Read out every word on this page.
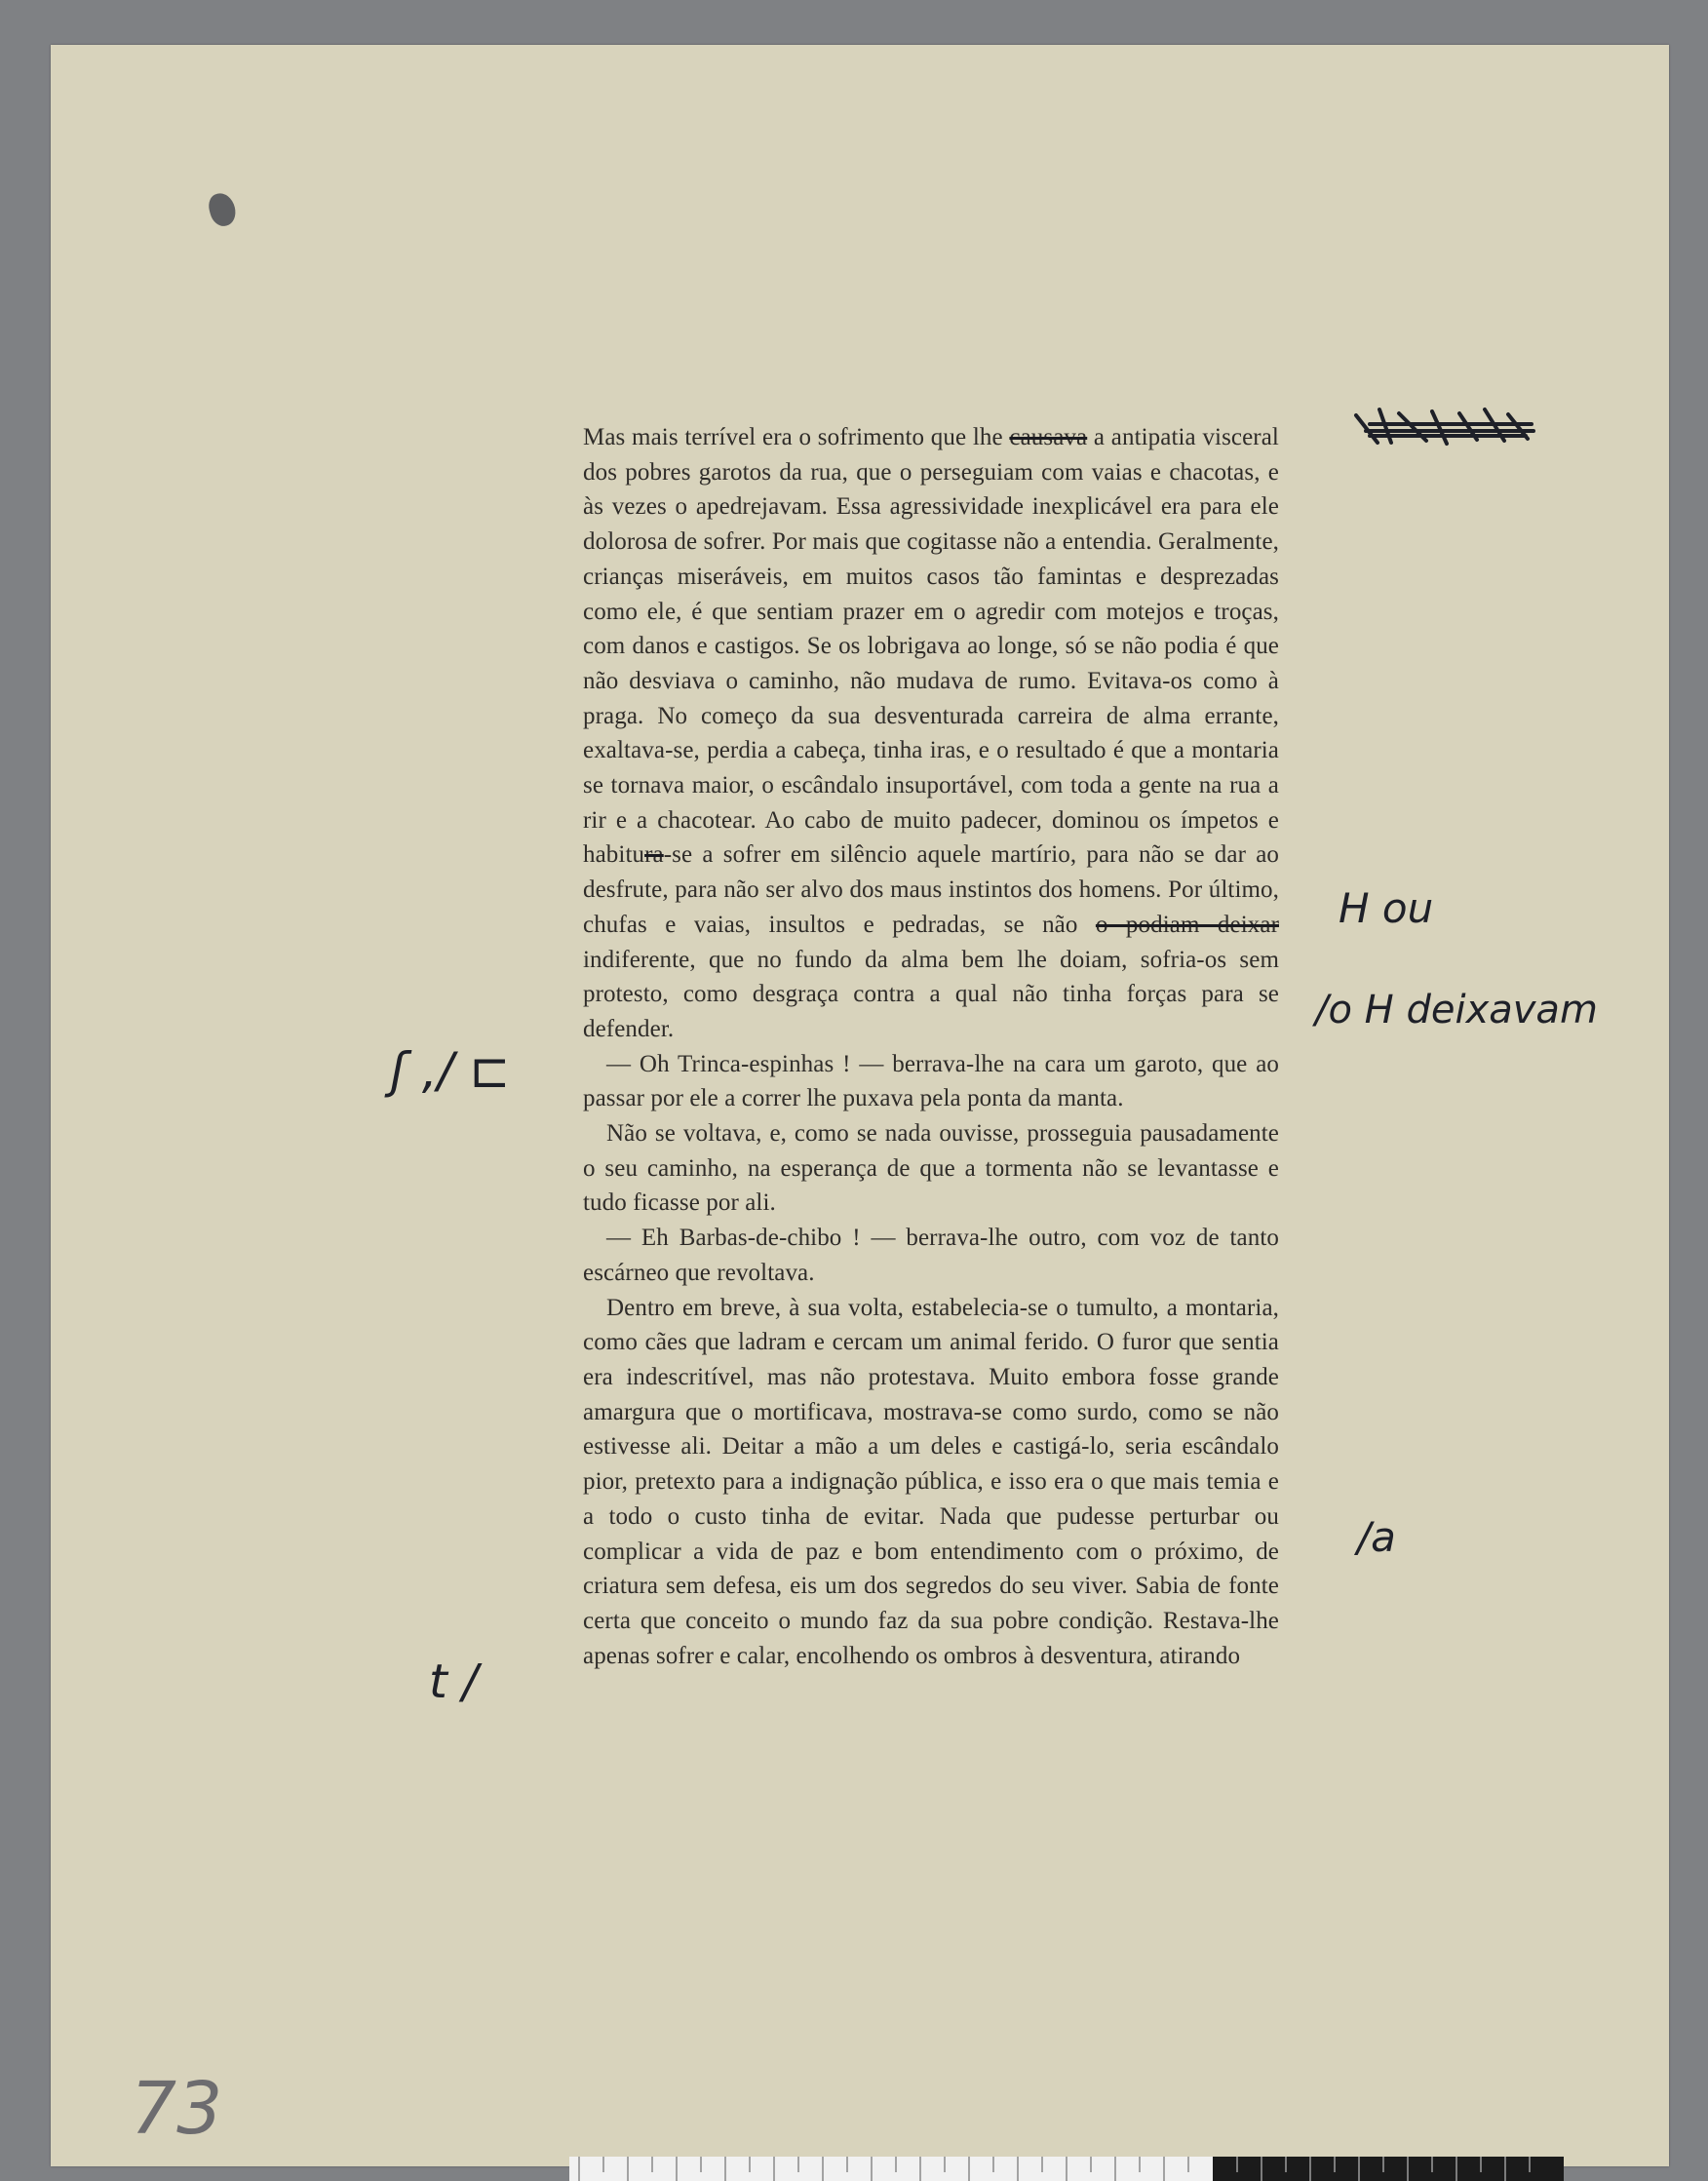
Mas mais terrível era o sofrimento que lhe causava a antipatia visceral dos pobres garotos da rua, que o perseguiam com vaias e chacotas, e às vezes o apedrejavam. Essa agressividade inexplicável era para ele dolorosa de sofrer. Por mais que cogitasse não a entendia. Geralmente, crianças miseráveis, em muitos casos tão famintas e desprezadas como ele, é que sentiam prazer em o agredir com motejos e troças, com danos e castigos. Se os lobrigava ao longe, só se não podia é que não desviava o caminho, não mudava de rumo. Evitava-os como à praga. No começo da sua desventurada carreira de alma errante, exaltava-se, perdia a cabeça, tinha iras, e o resultado é que a montaria se tornava maior, o escândalo insuportável, com toda a gente na rua a rir e a chacotear. Ao cabo de muito padecer, dominou os ímpetos e habitura-se a sofrer em silêncio aquele martírio, para não se dar ao desfrute, para não ser alvo dos maus instintos dos homens. Por último, chufas e vaias, insultos e pedradas, se não o podiam deixar indiferente, que no fundo da alma bem lhe doiam, sofria-os sem protesto, como desgraça contra a qual não tinha forças para se defender.

— Oh Trinca-espinhas ! — berrava-lhe na cara um garoto, que ao passar por ele a correr lhe puxava pela ponta da manta.

Não se voltava, e, como se nada ouvisse, prosseguia pausadamente o seu caminho, na esperança de que a tormenta não se levantasse e tudo ficasse por ali.

— Eh Barbas-de-chibo ! — berrava-lhe outro, com voz de tanto escárneo que revoltava.

Dentro em breve, à sua volta, estabelecia-se o tumulto, a montaria, como cães que ladram e cercam um animal ferido. O furor que sentia era indescritível, mas não protestava. Muito embora fosse grande amargura que o mortificava, mostrava-se como surdo, como se não estivesse ali. Deitar a mão a um deles e castigá-lo, seria escândalo pior, pretexto para a indignação pública, e isso era o que mais temia e a todo o custo tinha de evitar. Nada que pudesse perturbar ou complicar a vida de paz e bom entendimento com o próximo, de criatura sem defesa, eis um dos segredos do seu viver. Sabia de fonte certa que conceito o mundo faz da sua pobre condição. Restava-lhe apenas sofrer e calar, encolhendo os ombros à desventura, atirando

H ou
/o H deixavam
/a
ʃ ,/ ⊏
t /
73
